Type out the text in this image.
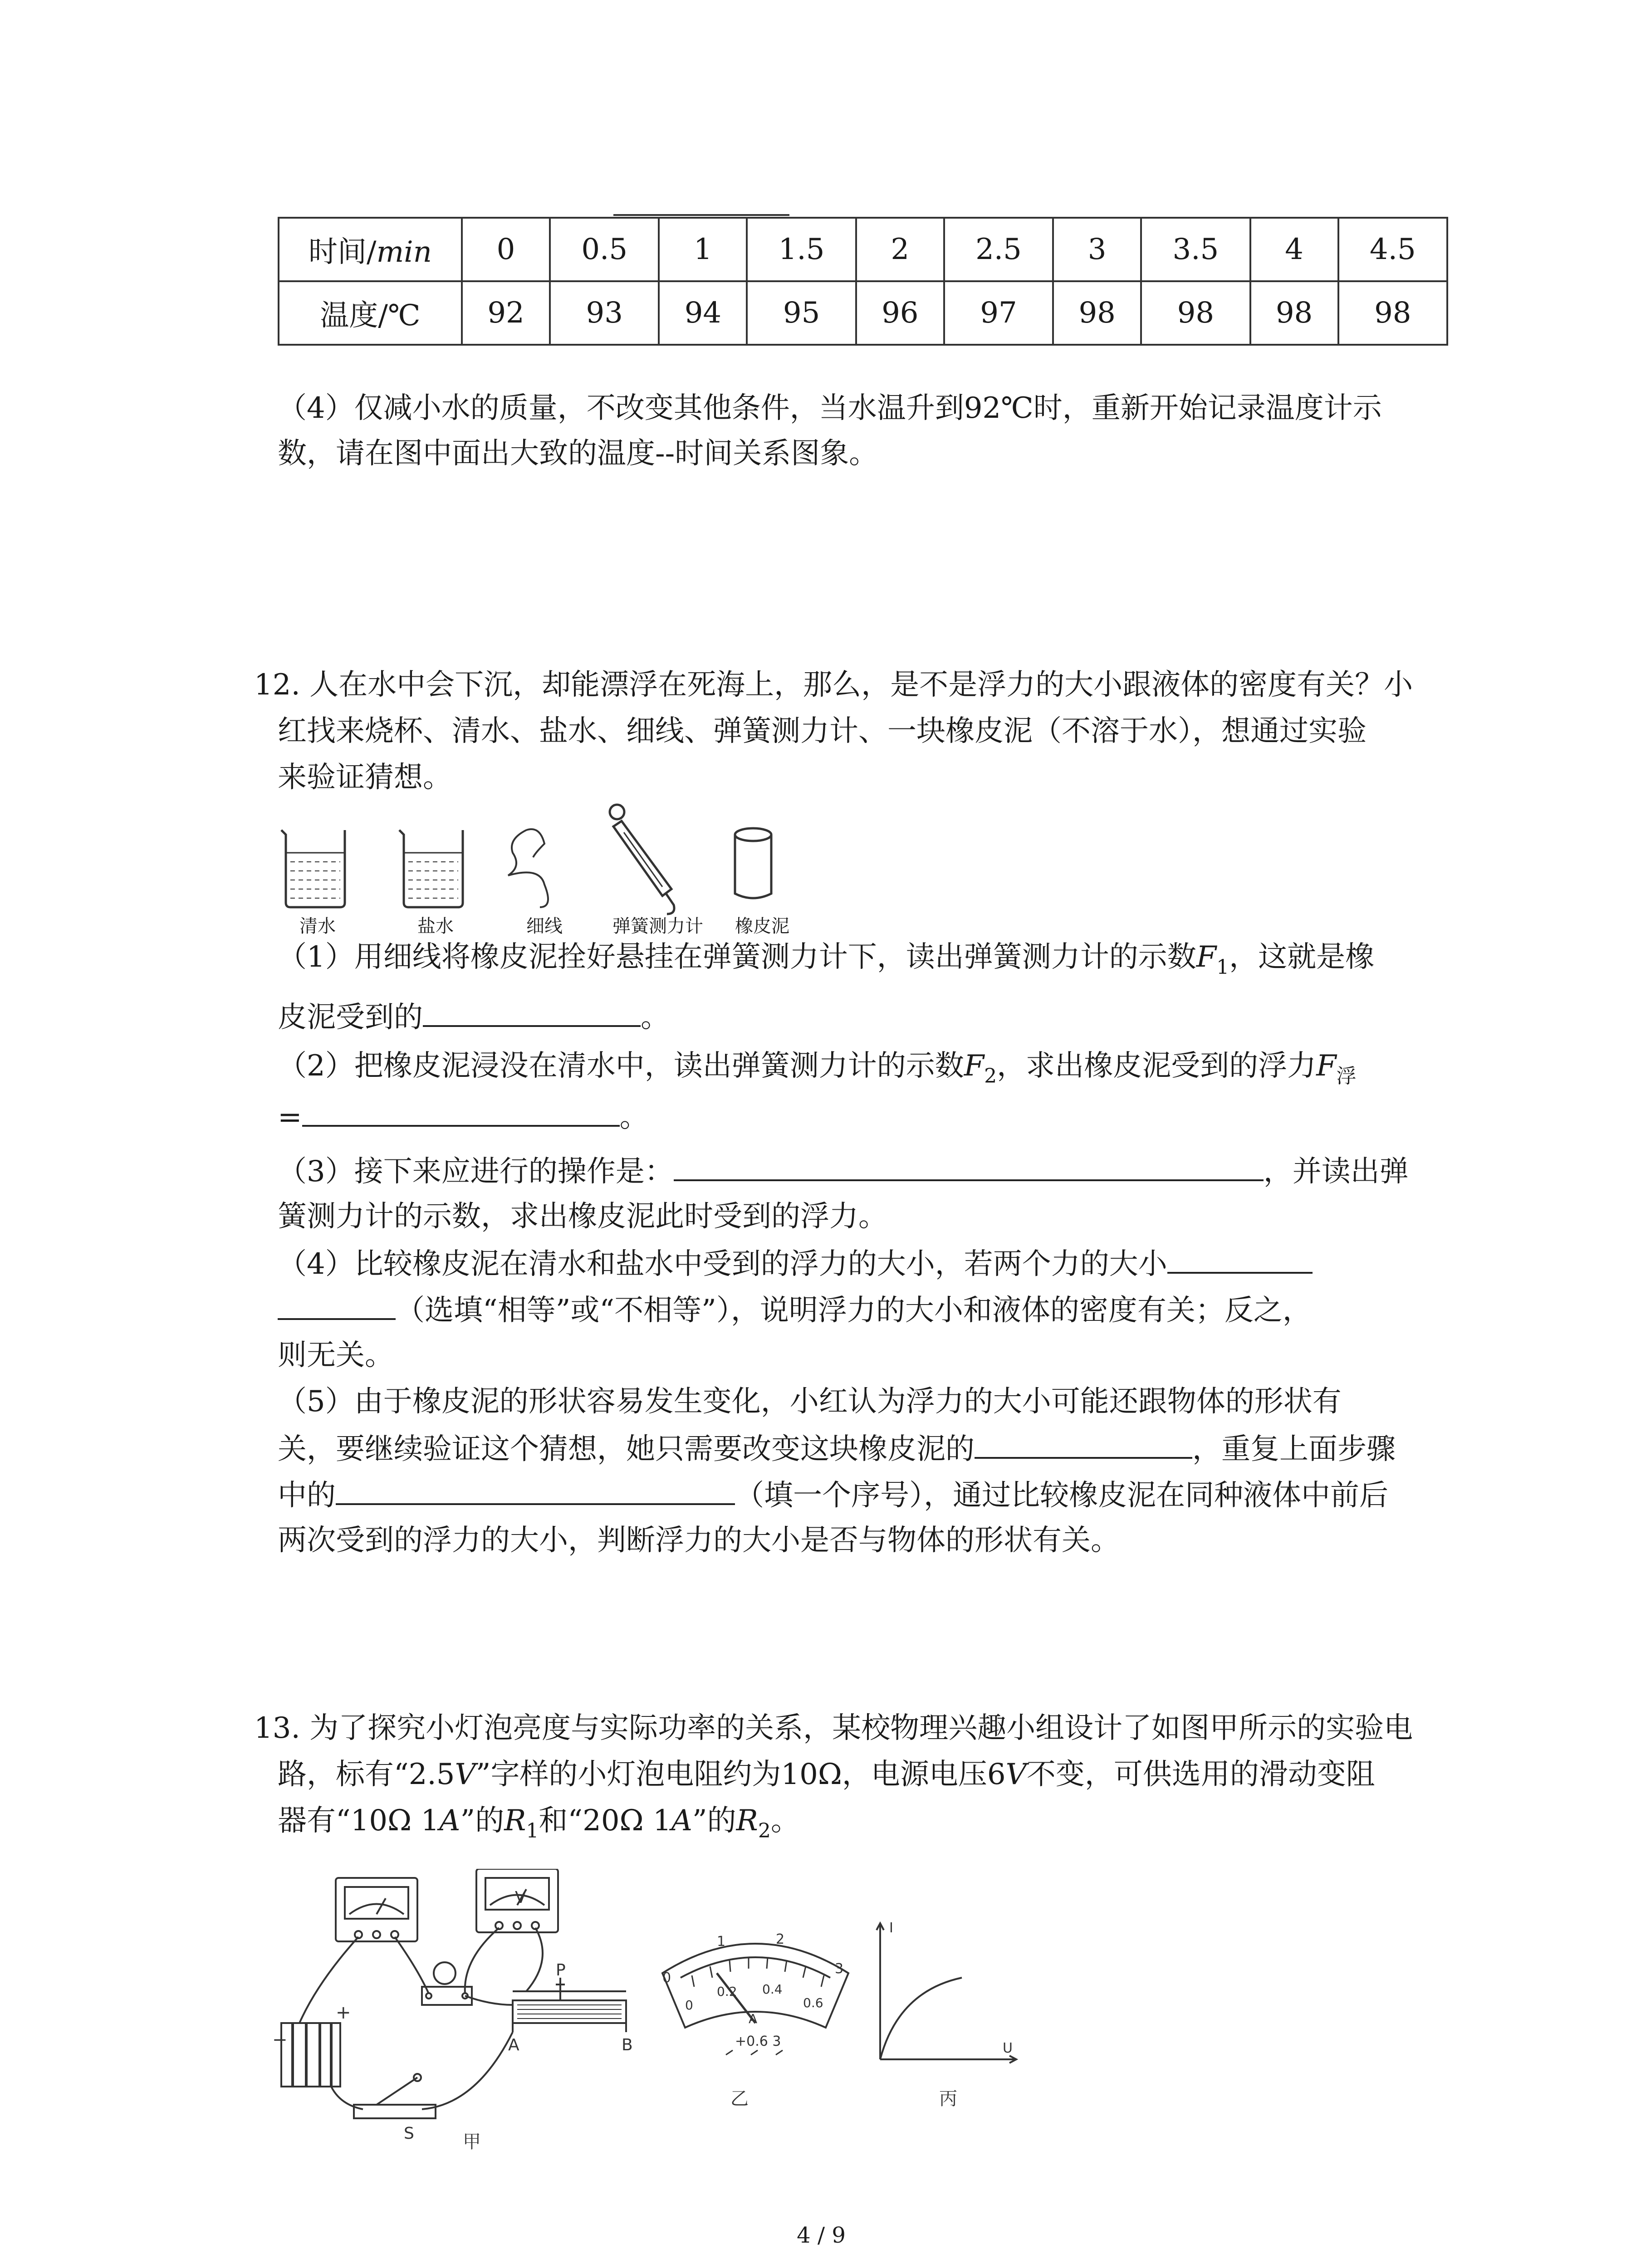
时间/min	0	0.5	1	1.5	2	2.5	3	3.5	4	4.5
温度/℃	92	93	94	95	96	97	98	98	98	98
（4）仅减小水的质量，不改变其他条件，当水温升到92℃时，重新开始记录温度计示
数，请在图中面出大致的温度--时间关系图象。
12. 人在水中会下沉，却能漂浮在死海上，那么，是不是浮力的大小跟液体的密度有关？小
红找来烧杯、清水、盐水、细线、弹簧测力计、一块橡皮泥（不溶于水），想通过实验
来验证猜想。
清水	盐水	细线	弹簧测力计	橡皮泥
（1）用细线将橡皮泥拴好悬挂在弹簧测力计下，读出弹簧测力计的示数$F_1$，这就是橡
皮泥受到的	。
（2）把橡皮泥浸没在清水中，读出弹簧测力计的示数$F_2$，求出橡皮泥受到的浮力$F_浮$
=	。
（3）接下来应进行的操作是：	，并读出弹
簧测力计的示数，求出橡皮泥此时受到的浮力。
（4）比较橡皮泥在清水和盐水中受到的浮力的大小，若两个力的大小
（选填“相等”或“不相等”），说明浮力的大小和液体的密度有关；反之，
则无关。
（5）由于橡皮泥的形状容易发生变化，小红认为浮力的大小可能还跟物体的形状有
关，要继续验证这个猜想，她只需要改变这块橡皮泥的	，重复上面步骤
中的	（填一个序号），通过比较橡皮泥在同种液体中前后
两次受到的浮力的大小，判断浮力的大小是否与物体的形状有关。
13. 为了探究小灯泡亮度与实际功率的关系，某校物理兴趣小组设计了如图甲所示的实验电
路，标有“2.5V”字样的小灯泡电阻约为10Ω，电源电压6V不变，可供选用的滑动变阻
器有“10Ω 1A”的$R_1$和“20Ω 1A”的$R_2$。
−
+
P
A	B
S
V
甲
0
1	2
3
0
0.2 0.4
0.6
A
+0.6 3
乙
I
U
丙
4 / 9
